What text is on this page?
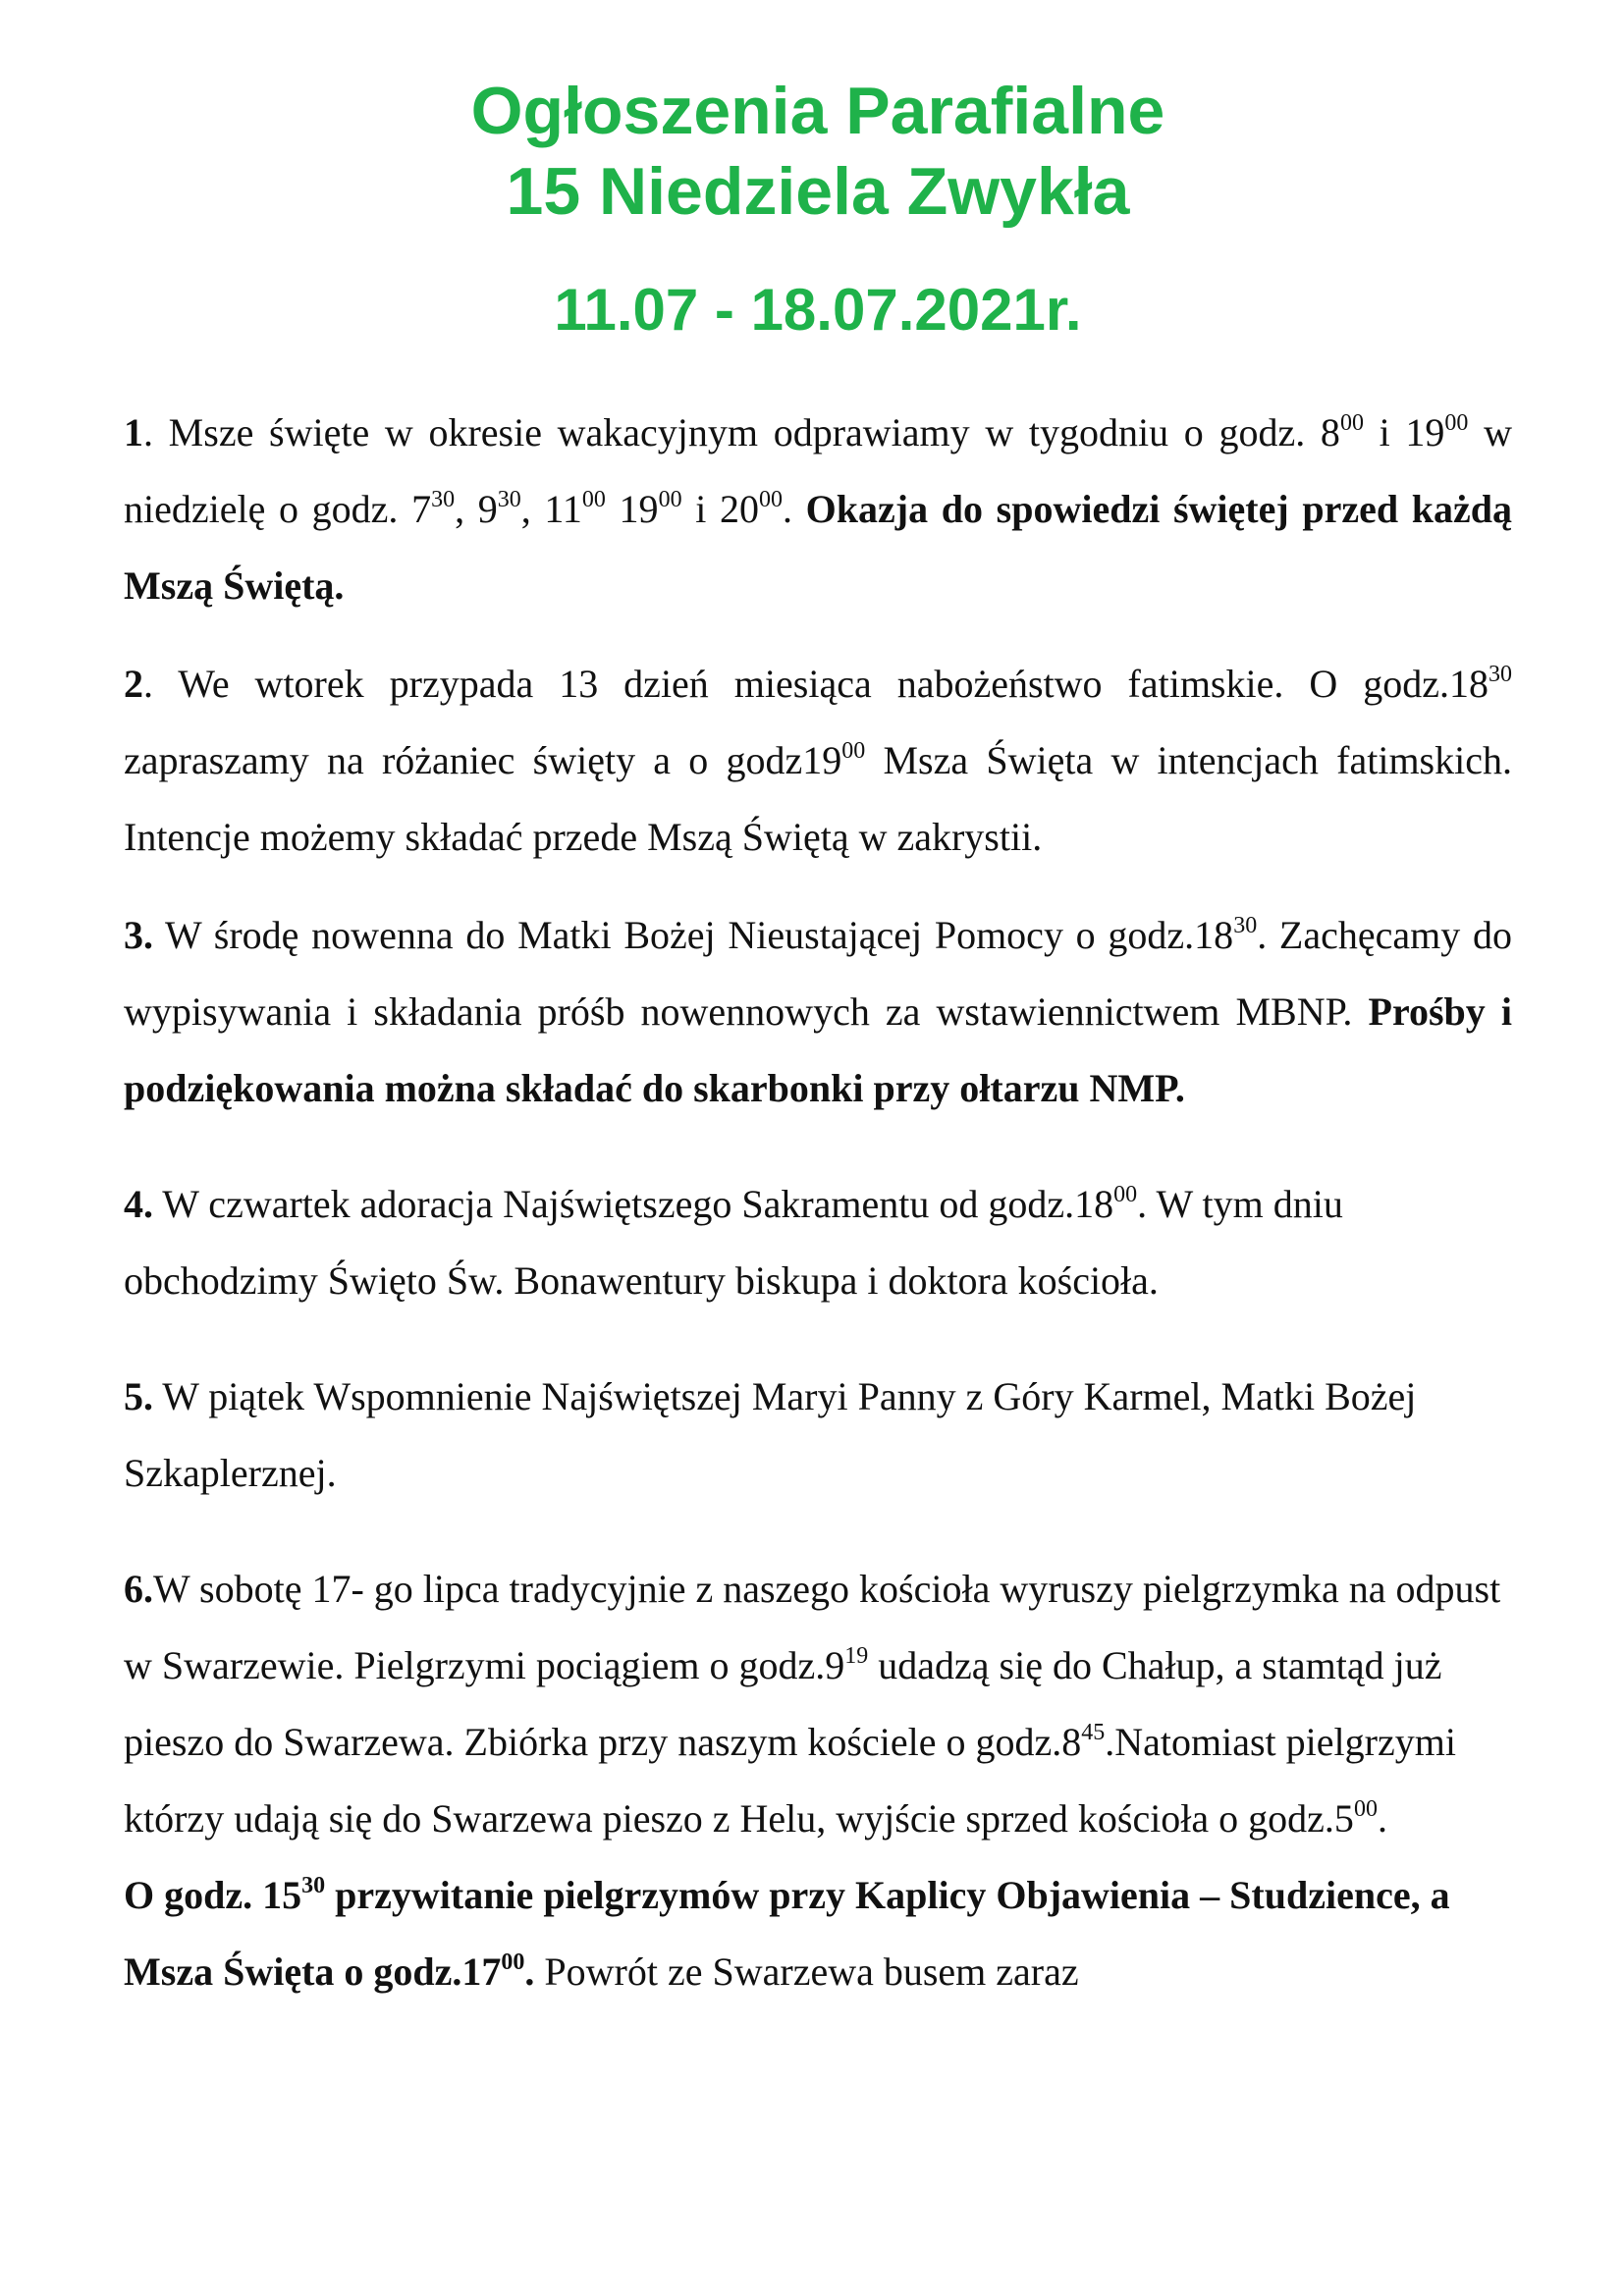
Ogłoszenia Parafialne

15 Niedziela Zwykła

11.07 - 18.07.2021r.

1. Msze święte w okresie wakacyjnym odprawiamy w tygodniu o godz. $8^{00}$ i $19^{00}$ w niedzielę o godz. $7^{30}$, $9^{30}$, $11^{00}$ $19^{00}$ i $20^{00}$. Okazja do spowiedzi świętej przed każdą Mszą Świętą.

2. We wtorek przypada 13 dzień miesiąca nabożeństwo fatimskie. O $godz.18^{30}$ zapraszamy na różaniec święty a o $godz19^{00}$ Msza Święta w intencjach fatimskich. Intencje możemy składać przede Mszą Świętą w zakrystii.

3. W środę nowenna do Matki Bożej Nieustającej Pomocy o $godz.18^{30}$. Zachęcamy do wypisywania i składania próśb nowennowych za wstawiennictwem MBNP. Prośby i podziękowania można składać do skarbonki przy ołtarzu NMP.

4. W czwartek adoracja Najświętszego Sakramentu od $godz.18^{00}$. W tym dniu obchodzimy Święto Św. Bonawentury biskupa i doktora kościoła.

5. W piątek Wspomnienie Najświętszej Maryi Panny z Góry Karmel, Matki Bożej Szkaplerznej.

6.W sobotę 17- go lipca tradycyjnie z naszego kościoła wyruszy pielgrzymka na odpust w Swarzewie. Pielgrzymi pociągiem o $godz.9^{19}$ udadzą się do Chałup, a stamtąd już pieszo do Swarzewa. Zbiórka przy naszym kościele o $godz.8^{45}.Natomiast$ pielgrzymi którzy udają się do Swarzewa pieszo z Helu, wyjście sprzed kościoła o $godz.5^{00}$.

O godz. $15^{30}$ przywitanie pielgrzymów przy Kaplicy Objawienia – Studzience, a Msza Święta o $godz.17^{00}$. Powrót ze Swarzewa busem zaraz
